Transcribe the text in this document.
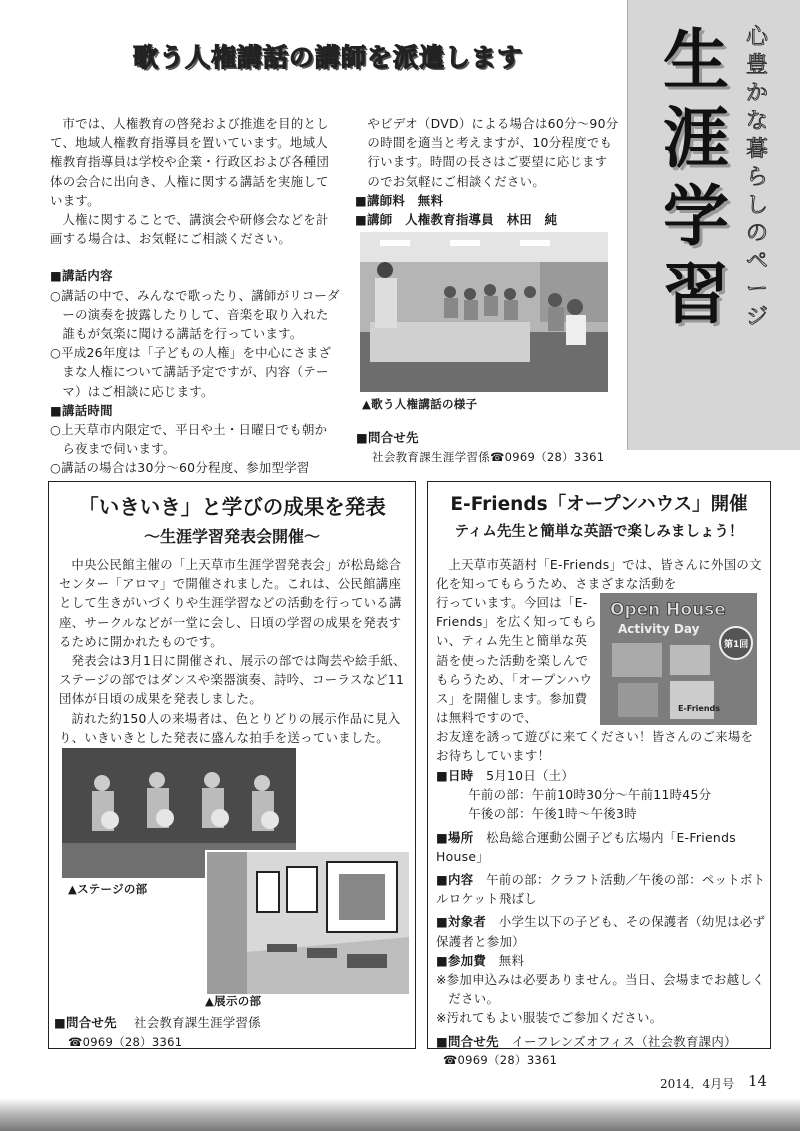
歌う人権講話の講師を派遣します

市では、人権教育の啓発および推進を目的として、地域人権教育指導員を置いています。地域人権教育指導員は学校や企業・行政区および各種団体の会合に出向き、人権に関する講話を実施しています。

人権に関することで、講演会や研修会などを計画する場合は、お気軽にご相談ください。

■講話内容

○講話の中で、みんなで歌ったり、講師がリコーダーの演奏を披露したりして、音楽を取り入れた誰もが気楽に聞ける講話を行っています。

○平成26年度は「子どもの人権」を中心にさまざまな人権について講話予定ですが、内容（テーマ）はご相談に応じます。

■講話時間

○上天草市内限定で、平日や土・日曜日でも朝から夜まで伺います。

○講話の場合は30分～60分程度、参加型学習

やビデオ（DVD）による場合は60分～90分の時間を適当と考えますが、10分程度でも行います。時間の長さはご要望に応じますのでお気軽にご相談ください。

■講師料　無料

■講師　人権教育指導員　林田　純

▲歌う人権講話の様子
■問合せ先
社会教育課生涯学習係☎0969（28）3361
生涯学習
心豊かな暮らしのページ
「いきいき」と学びの成果を発表
～生涯学習発表会開催～

中央公民館主催の「上天草市生涯学習発表会」が松島総合センター「アロマ」で開催されました。これは、公民館講座として生きがいづくりや生涯学習などの活動を行っている講座、サークルなどが一堂に会し、日頃の学習の成果を発表するために開かれたものです。

発表会は3月1日に開催され、展示の部では陶芸や絵手紙、ステージの部ではダンスや楽器演奏、詩吟、コーラスなど11団体が日頃の成果を発表しました。

訪れた約150人の来場者は、色とりどりの展示作品に見入り、いきいきとした発表に盛んな拍手を送っていました。

▲ステージの部
▲展示の部
■問合せ先 社会教育課生涯学習係
☎0969（28）3361
E-Friends「オープンハウス」開催
ティム先生と簡単な英語で楽しみましょう！
上天草市英語村「E-Friends」では、皆さんに外国の文化を知ってもらうため、さまざまな活動を
行っています。今回は「E-Friends」を広く知ってもらい、ティム先生と簡単な英語を使った活動を楽しんでもらうため、「オープンハウス」を開催します。参加費は無料ですので、
お友達を誘って遊びに来てください！皆さんのご来場をお待ちしています！
Open House
Activity Day
第1回
E-Friends

■日時　 5月10日（土）

午前の部：午前10時30分～午前11時45分

午後の部：午後1時～午後3時

■場所　 松島総合運動公園子ども広場内「E-Friends House」

■内容　 午前の部：クラフト活動／午後の部：ペットボトルロケット飛ばし

■対象者　 小学生以下の子ども、その保護者（幼児は必ず保護者と参加）

■参加費　 無料

※参加申込みは必要ありません。当日、会場までお越しください。

※汚れてもよい服装でご参加ください。

■問合せ先　 イーフレンズオフィス（社会教育課内）

☎0969（28）3361

2014．4月号 14
